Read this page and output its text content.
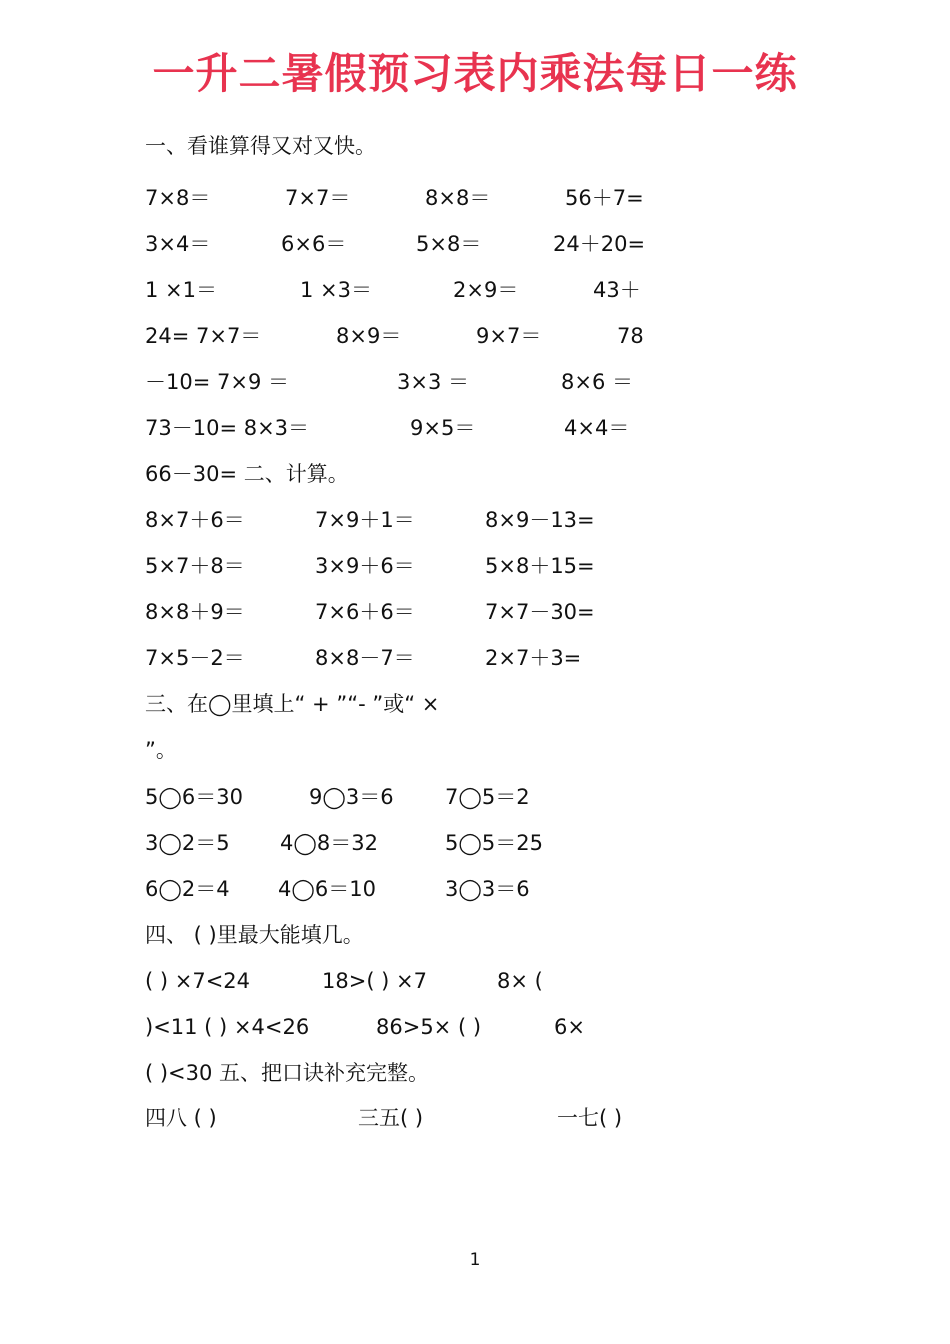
一升二暑假预习表内乘法每日一练
一、看谁算得又对又快。
7×8＝	7×7＝	8×8＝	56＋7=
3×4＝	6×6＝	5×8＝	24＋20=
1 ×1＝	1 ×3＝	2×9＝	43＋
24= 7×7＝	8×9＝	9×7＝	78
－10= 7×9 ＝	3×3 ＝	8×6 ＝
73－10= 8×3＝	9×5＝	4×4＝
66－30= 二、计算。
8×7＋6＝	7×9＋1＝	8×9－13=
5×7＋8＝	3×9＋6＝	5×8＋15=
8×8＋9＝	7×6＋6＝	7×7－30=
7×5－2＝	8×8－7＝	2×7＋3=
三、在◯里填上“ + ”“- ”或“ ×
”。
5◯6＝30	9◯3＝6 7◯5＝2
3◯2＝5 4◯8＝32	5◯5＝25
6◯2＝4 4◯6＝10	3◯3＝6
四、 ( )里最大能填几。
( ) ×7<24	18>( ) ×7	8× (
)<11 ( ) ×4<26	86>5× ( )	6×
( )<30 五、把口诀补充完整。
四八 ( )	三五( )	一七( )
1
